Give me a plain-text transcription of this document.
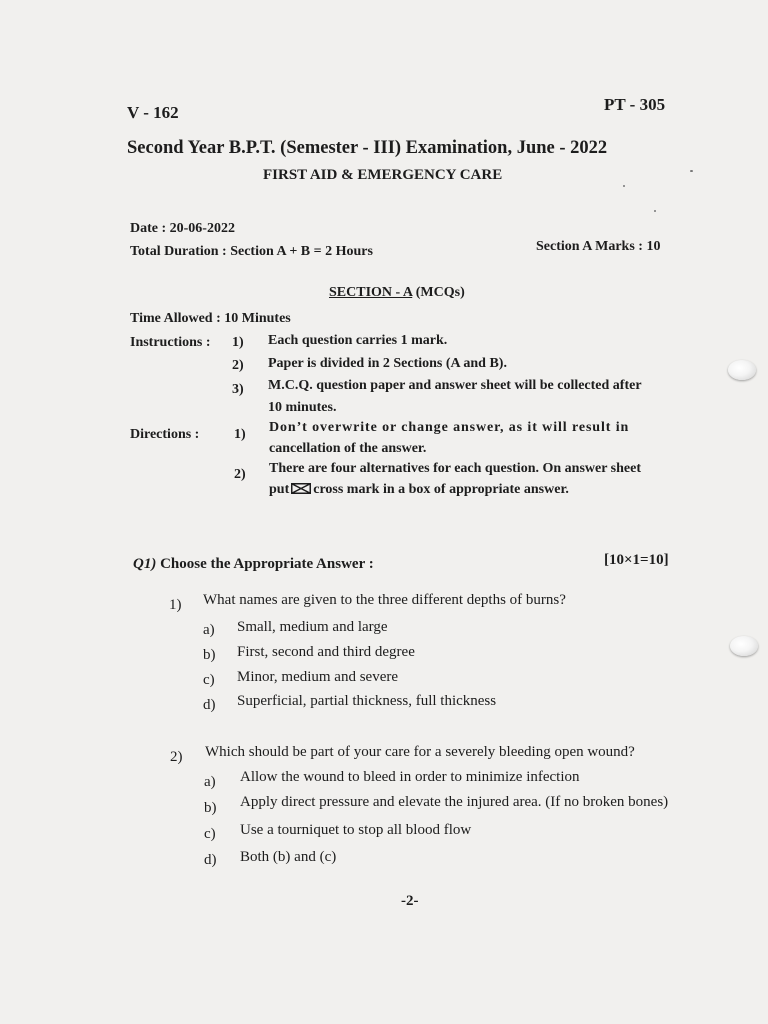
V - 162	PT - 305
Second Year B.P.T. (Semester - III) Examination, June - 2022
FIRST AID & EMERGENCY CARE
Date : 20-06-2022
Total Duration : Section A + B = 2 Hours	Section A Marks : 10
SECTION - A (MCQs)
Time Allowed : 10 Minutes
Instructions : 1) Each question carries 1 mark.
2) Paper is divided in 2 Sections (A and B).
3) M.C.Q. question paper and answer sheet will be collected after
10 minutes.
Directions : 1) Don’t overwrite or change answer, as it will result in
cancellation of the answer.
2) There are four alternatives for each question. On answer sheet
put ☒ cross mark in a box of appropriate answer.
Q1) Choose the Appropriate Answer :	[10×1=10]
1) What names are given to the three different depths of burns?
a) Small, medium and large
b) First, second and third degree
c) Minor, medium and severe
d) Superficial, partial thickness, full thickness
2) Which should be part of your care for a severely bleeding open wound?
a) Allow the wound to bleed in order to minimize infection
b) Apply direct pressure and elevate the injured area. (If no broken bones)
c) Use a tourniquet to stop all blood flow
d) Both (b) and (c)
-2-
